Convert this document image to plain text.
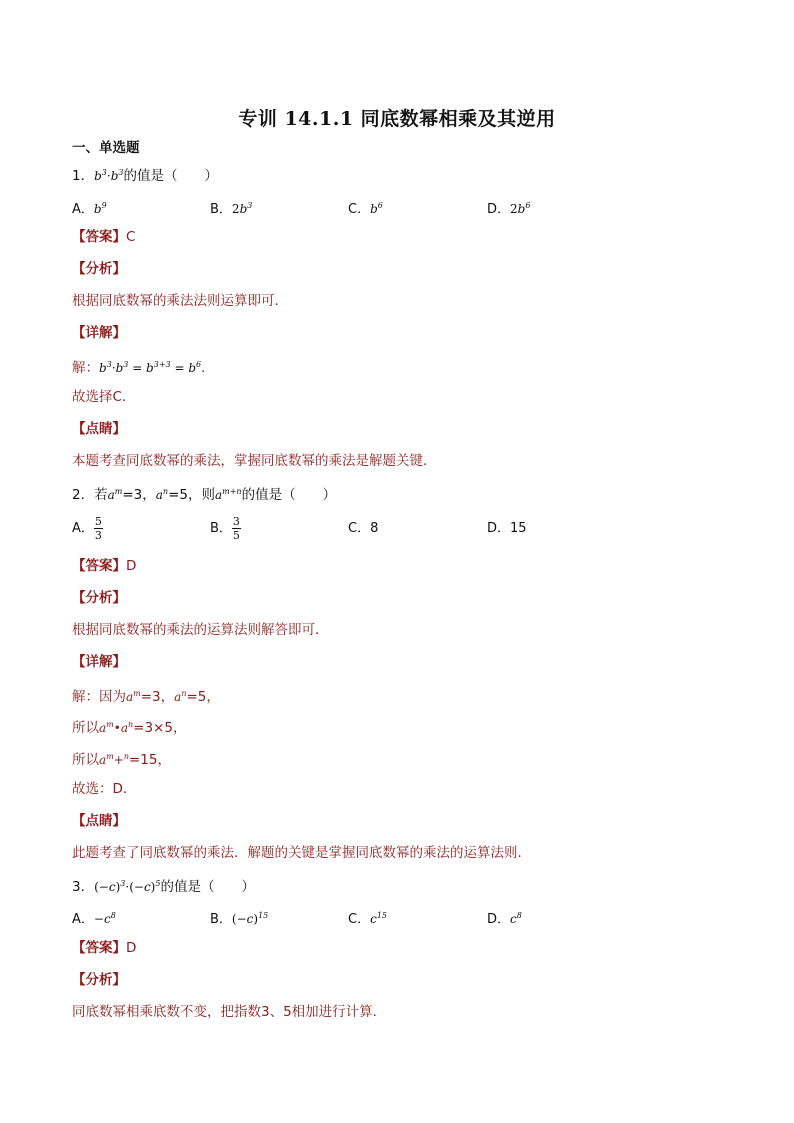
专训 14.1.1 同底数幂相乘及其逆用
一、单选题
1．$b^3\cdot b^3$的值是（　　）
A．$b^9$	B．$2b^3$	C．$b^6$	D．$2b^6$
【答案】C
【分析】
根据同底数幂的乘法法则运算即可．
【详解】
解：$b^3\cdot b^3 = b^{3+3} = b^6$．
故选择C．
【点睛】
本题考查同底数幂的乘法，掌握同底数幂的乘法是解题关键．
2．若$a^m=3$，$a^n=5$，则$a^{m+n}$的值是（　　）
A． $\frac{5}{3}$	B． $\frac{3}{5}$	C．8	D．15
【答案】D
【分析】
根据同底数幂的乘法的运算法则解答即可．
【详解】
解：因为$a^m=3$，$a^n=5$，
所以$a^m•a^n=3\times 5$，
所以$a^m+^n=15$，
故选：D．
【点睛】
此题考查了同底数幂的乘法．解题的关键是掌握同底数幂的乘法的运算法则．
3．$(-c)^3\cdot(-c)^5$的值是（　　）
A．$-c^8$	B．$(-c)^{15}$	C．$c^{15}$	D．$c^8$
【答案】D
【分析】
同底数幂相乘底数不变，把指数3、5相加进行计算．
